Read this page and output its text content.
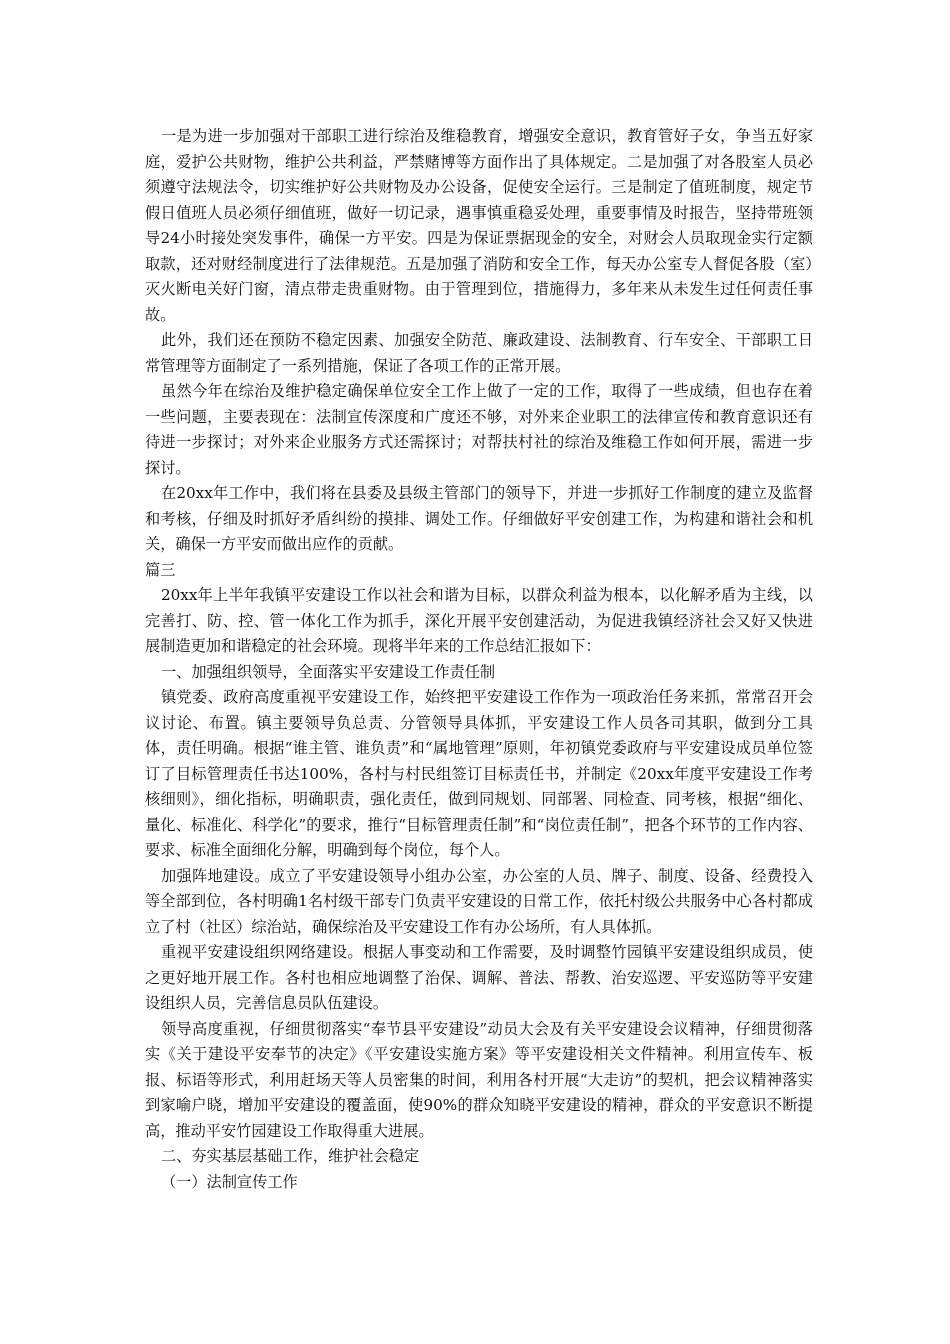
一是为进一步加强对干部职工进行综治及维稳教育，增强安全意识，教育管好子女，争当五好家庭，爱护公共财物，维护公共利益，严禁赌博等方面作出了具体规定。二是加强了对各股室人员必须遵守法规法令，切实维护好公共财物及办公设备，促使安全运行。三是制定了值班制度，规定节假日值班人员必须仔细值班，做好一切记录，遇事慎重稳妥处理，重要事情及时报告，坚持带班领导24小时接处突发事件，确保一方平安。四是为保证票据现金的安全，对财会人员取现金实行定额取款，还对财经制度进行了法律规范。五是加强了消防和安全工作，每天办公室专人督促各股（室）灭火断电关好门窗，清点带走贵重财物。由于管理到位，措施得力，多年来从未发生过任何责任事故。

此外，我们还在预防不稳定因素、加强安全防范、廉政建设、法制教育、行车安全、干部职工日常管理等方面制定了一系列措施，保证了各项工作的正常开展。

虽然今年在综治及维护稳定确保单位安全工作上做了一定的工作，取得了一些成绩，但也存在着一些问题，主要表现在：法制宣传深度和广度还不够，对外来企业职工的法律宣传和教育意识还有待进一步探讨；对外来企业服务方式还需探讨；对帮扶村社的综治及维稳工作如何开展，需进一步探讨。

在20xx年工作中，我们将在县委及县级主管部门的领导下，并进一步抓好工作制度的建立及监督和考核，仔细及时抓好矛盾纠纷的摸排、调处工作。仔细做好平安创建工作，为构建和谐社会和机关，确保一方平安而做出应作的贡献。

篇三

20xx年上半年我镇平安建设工作以社会和谐为目标，以群众利益为根本，以化解矛盾为主线，以完善打、防、控、管一体化工作为抓手，深化开展平安创建活动，为促进我镇经济社会又好又快进展制造更加和谐稳定的社会环境。现将半年来的工作总结汇报如下：

一、加强组织领导，全面落实平安建设工作责任制

镇党委、政府高度重视平安建设工作，始终把平安建设工作作为一项政治任务来抓，常常召开会议讨论、布置。镇主要领导负总责、分管领导具体抓，平安建设工作人员各司其职，做到分工具体，责任明确。根据“谁主管、谁负责”和“属地管理”原则，年初镇党委政府与平安建设成员单位签订了目标管理责任书达100%，各村与村民组签订目标责任书，并制定《20xx年度平安建设工作考核细则》，细化指标，明确职责，强化责任，做到同规划、同部署、同检查、同考核，根据“细化、量化、标准化、科学化”的要求，推行“目标管理责任制”和“岗位责任制”，把各个环节的工作内容、要求、标准全面细化分解，明确到每个岗位，每个人。

加强阵地建设。成立了平安建设领导小组办公室，办公室的人员、牌子、制度、设备、经费投入等全部到位，各村明确1名村级干部专门负责平安建设的日常工作，依托村级公共服务中心各村都成立了村（社区）综治站，确保综治及平安建设工作有办公场所，有人具体抓。

重视平安建设组织网络建设。根据人事变动和工作需要，及时调整竹园镇平安建设组织成员，使之更好地开展工作。各村也相应地调整了治保、调解、普法、帮教、治安巡逻、平安巡防等平安建设组织人员，完善信息员队伍建设。

领导高度重视，仔细贯彻落实“奉节县平安建设”动员大会及有关平安建设会议精神，仔细贯彻落实《关于建设平安奉节的决定》《平安建设实施方案》等平安建设相关文件精神。利用宣传车、板报、标语等形式，利用赶场天等人员密集的时间，利用各村开展“大走访”的契机，把会议精神落实到家喻户晓，增加平安建设的覆盖面，使90%的群众知晓平安建设的精神，群众的平安意识不断提高，推动平安竹园建设工作取得重大进展。

二、夯实基层基础工作，维护社会稳定

（一）法制宣传工作
